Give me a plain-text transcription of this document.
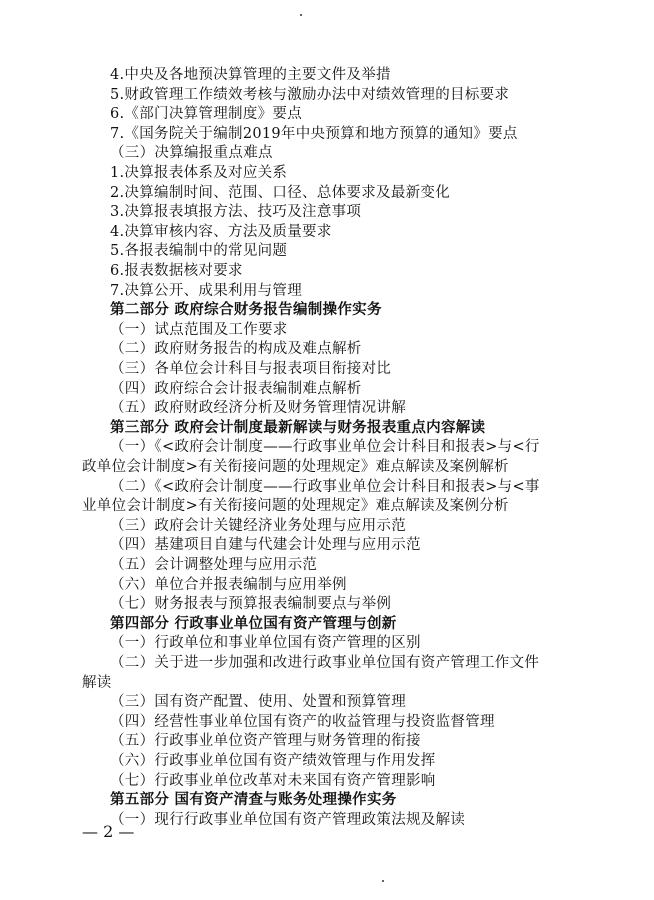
4.中央及各地预决算管理的主要文件及举措
5.财政管理工作绩效考核与激励办法中对绩效管理的目标要求
6.《部门决算管理制度》要点
7.《国务院关于编制2019年中央预算和地方预算的通知》要点
（三）决算编报重点难点
1.决算报表体系及对应关系
2.决算编制时间、范围、口径、总体要求及最新变化
3.决算报表填报方法、技巧及注意事项
4.决算审核内容、方法及质量要求
5.各报表编制中的常见问题
6.报表数据核对要求
7.决算公开、成果利用与管理
第二部分 政府综合财务报告编制操作实务
（一）试点范围及工作要求
（二）政府财务报告的构成及难点解析
（三）各单位会计科目与报表项目衔接对比
（四）政府综合会计报表编制难点解析
（五）政府财政经济分析及财务管理情况讲解
第三部分 政府会计制度最新解读与财务报表重点内容解读
（一）《<政府会计制度——行政事业单位会计科目和报表>与<行
政单位会计制度>有关衔接问题的处理规定》难点解读及案例解析
（二）《<政府会计制度——行政事业单位会计科目和报表>与<事
业单位会计制度>有关衔接问题的处理规定》难点解读及案例分析
（三）政府会计关键经济业务处理与应用示范
（四）基建项目自建与代建会计处理与应用示范
（五）会计调整处理与应用示范
（六）单位合并报表编制与应用举例
（七）财务报表与预算报表编制要点与举例
第四部分 行政事业单位国有资产管理与创新
（一）行政单位和事业单位国有资产管理的区别
（二）关于进一步加强和改进行政事业单位国有资产管理工作文件
解读
（三）国有资产配置、使用、处置和预算管理
（四）经营性事业单位国有资产的收益管理与投资监督管理
（五）行政事业单位资产管理与财务管理的衔接
（六）行政事业单位国有资产绩效管理与作用发挥
（七）行政事业单位改革对未来国有资产管理影响
第五部分 国有资产清查与账务处理操作实务
（一）现行行政事业单位国有资产管理政策法规及解读
— 2 —
